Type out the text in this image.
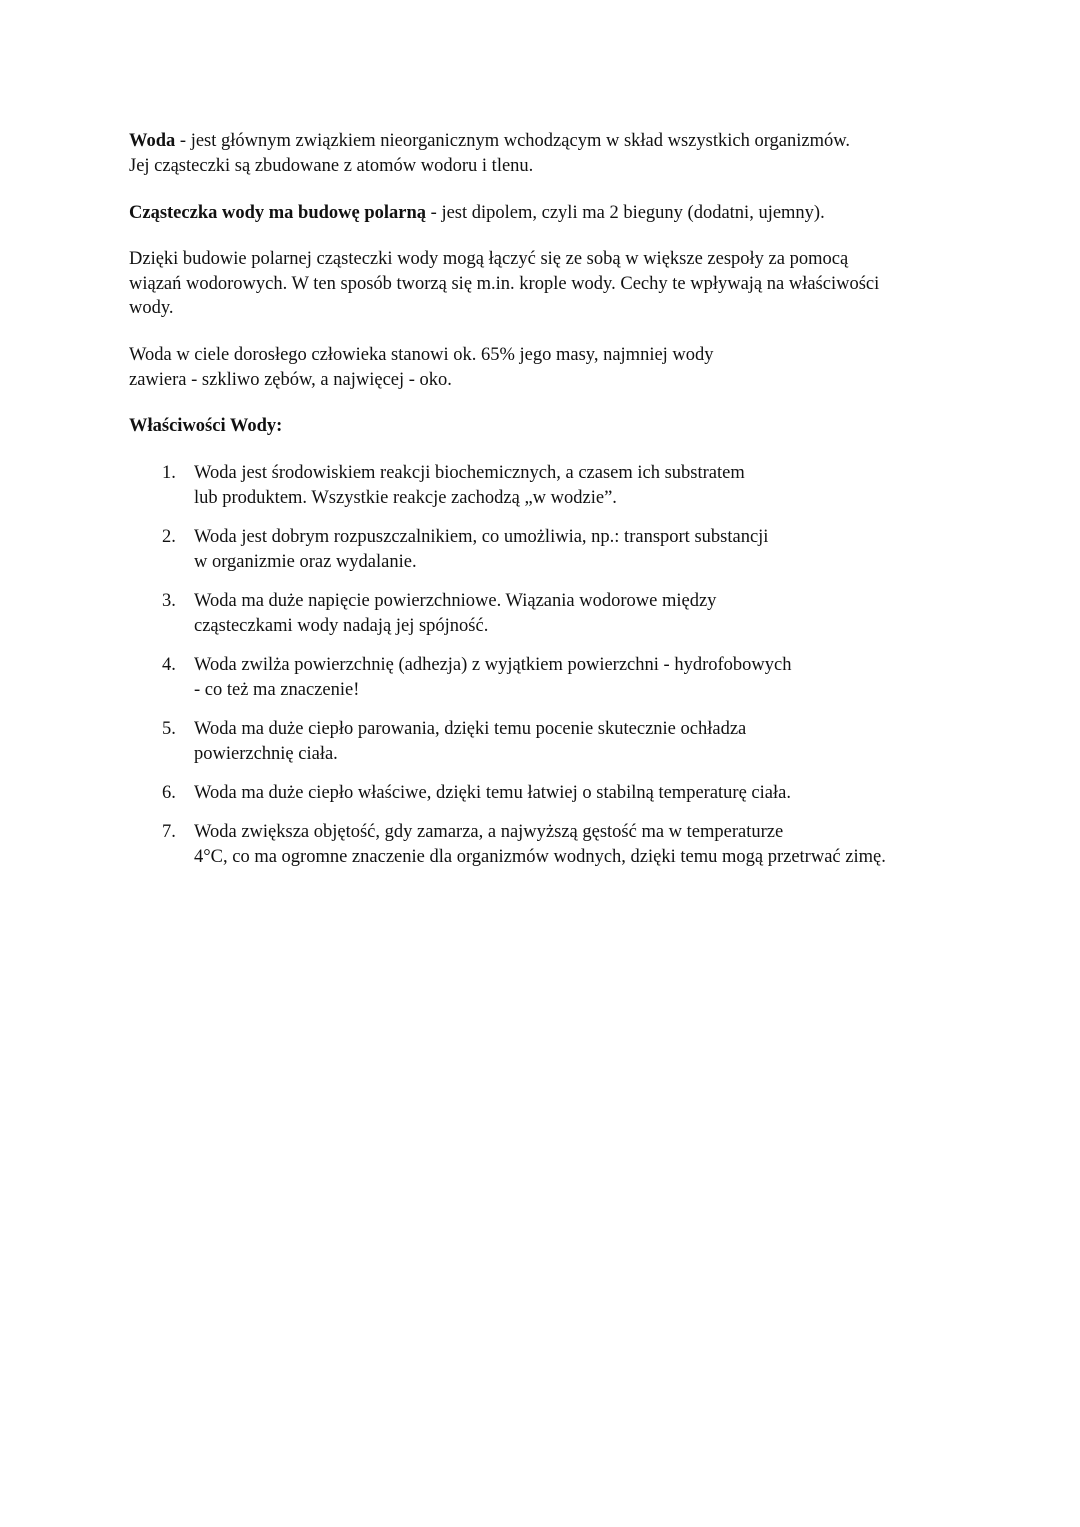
Woda - jest głównym związkiem nieorganicznym wchodzącym w skład wszystkich organizmów.
Jej cząsteczki są zbudowane z atomów wodoru i tlenu.
Cząsteczka wody ma budowę polarną - jest dipolem, czyli ma 2 bieguny (dodatni, ujemny).
Dzięki budowie polarnej cząsteczki wody mogą łączyć się ze sobą w większe zespoły za pomocą
wiązań wodorowych. W ten sposób tworzą się m.in. krople wody. Cechy te wpływają na właściwości
wody.
Woda w ciele dorosłego człowieka stanowi ok. 65% jego masy, najmniej wody
zawiera - szkliwo zębów, a najwięcej - oko.
Właściwości Wody:
1. Woda jest środowiskiem reakcji biochemicznych, a czasem ich substratem
lub produktem. Wszystkie reakcje zachodzą „w wodzie”.
2. Woda jest dobrym rozpuszczalnikiem, co umożliwia, np.: transport substancji
w organizmie oraz wydalanie.
3. Woda ma duże napięcie powierzchniowe. Wiązania wodorowe między
cząsteczkami wody nadają jej spójność.
4. Woda zwilża powierzchnię (adhezja) z wyjątkiem powierzchni - hydrofobowych
- co też ma znaczenie!
5. Woda ma duże ciepło parowania, dzięki temu pocenie skutecznie ochładza
powierzchnię ciała.
6. Woda ma duże ciepło właściwe, dzięki temu łatwiej o stabilną temperaturę ciała.
7. Woda zwiększa objętość, gdy zamarza, a najwyższą gęstość ma w temperaturze
4°C, co ma ogromne znaczenie dla organizmów wodnych, dzięki temu mogą przetrwać zimę.
